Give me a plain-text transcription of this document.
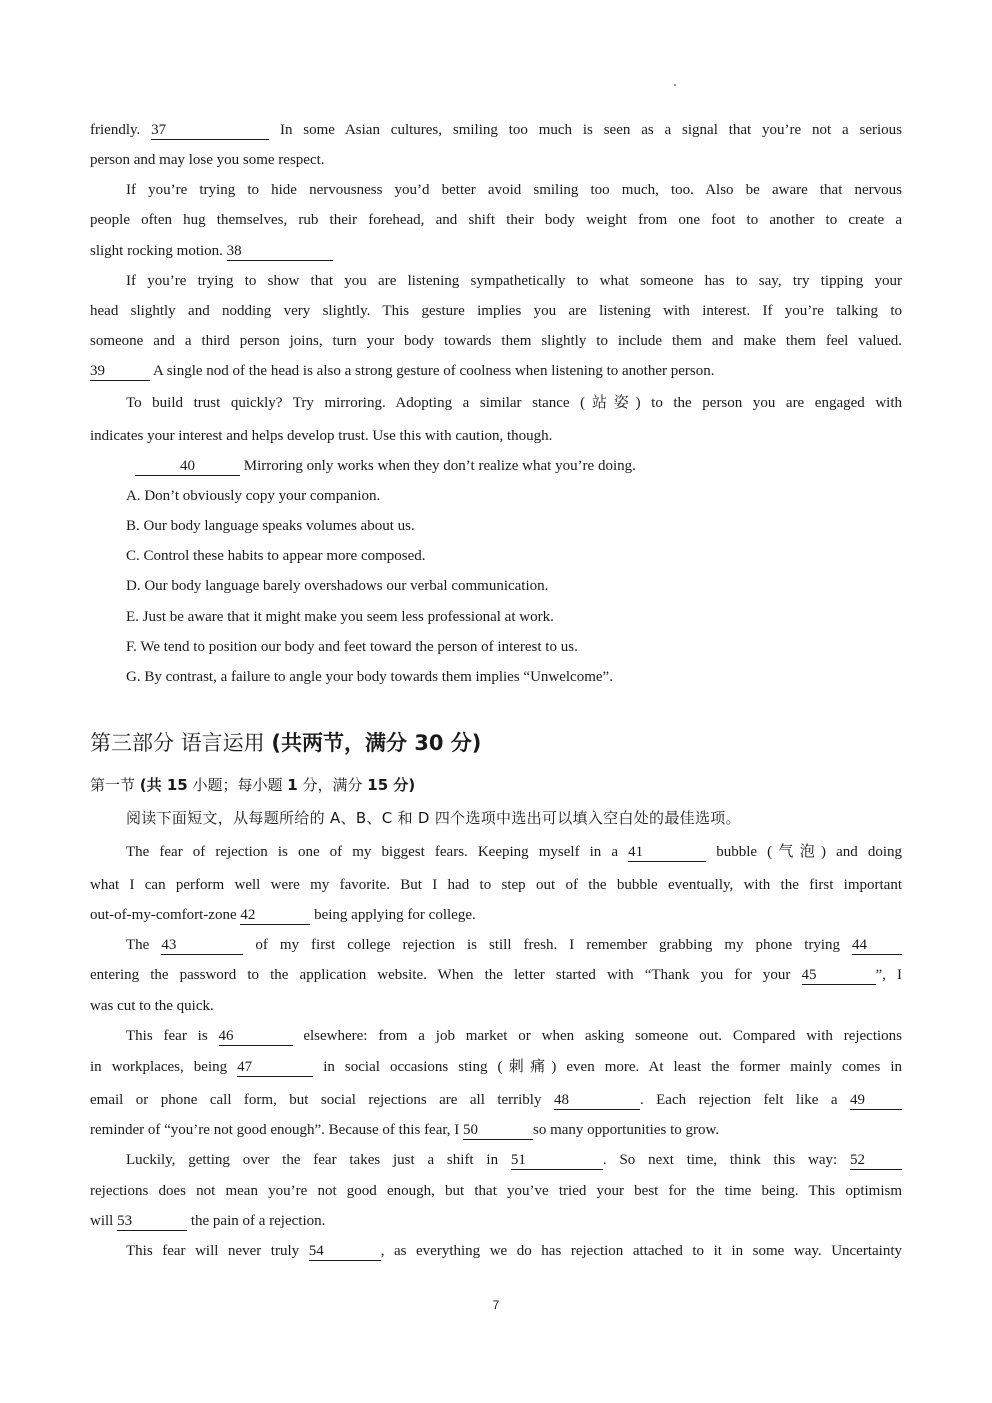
friendly. 37	In some Asian cultures, smiling too much is seen as a signal that you’re not a serious
person and may lose you some respect.
If you’re trying to hide nervousness you’d better avoid smiling too much, too. Also be aware that nervous
people often hug themselves, rub their forehead, and shift their body weight from one foot to another to create a
slight rocking motion. 38
If you’re trying to show that you are listening sympathetically to what someone has to say, try tipping your
head slightly and nodding very slightly. This gesture implies you are listening with interest. If you’re talking to
someone and a third person joins, turn your body towards them slightly to include them and make them feel valued.
39	A single nod of the head is also a strong gesture of coolness when listening to another person.
To build trust quickly? Try mirroring. Adopting a similar stance (站姿) to the person you are engaged with
indicates your interest and helps develop trust. Use this with caution, though.
40	Mirroring only works when they don’t realize what you’re doing.
A. Don’t obviously copy your companion.
B. Our body language speaks volumes about us.
C. Control these habits to appear more composed.
D. Our body language barely overshadows our verbal communication.
E. Just be aware that it might make you seem less professional at work.
F. We tend to position our body and feet toward the person of interest to us.
G. By contrast, a failure to angle your body towards them implies “Unwelcome”.
第三部分 语言运用 (共两节，满分 30 分)
第一节 (共 15 小题；每小题 1 分，满分 15 分)
阅读下面短文，从每题所给的 A、B、C 和 D 四个选项中选出可以填入空白处的最佳选项。
The fear of rejection is one of my biggest fears. Keeping myself in a 41	bubble (气泡) and doing
what I can perform well were my favorite. But I had to step out of the bubble eventually, with the first important
out-of-my-comfort-zone 42	being applying for college.
The 43	of my first college rejection is still fresh. I remember grabbing my phone trying 44
entering the password to the application website. When the letter started with “Thank you for your 45	”, I
was cut to the quick.
This fear is 46	elsewhere: from a job market or when asking someone out. Compared with rejections
in workplaces, being 47	in social occasions sting (刺痛) even more. At least the former mainly comes in
email or phone call form, but social rejections are all terribly 48	. Each rejection felt like a 49
reminder of “you’re not good enough”. Because of this fear, I 50	so many opportunities to grow.
Luckily, getting over the fear takes just a shift in 51	. So next time, think this way: 52
rejections does not mean you’re not good enough, but that you’ve tried your best for the time being. This optimism
will 53	the pain of a rejection.
This fear will never truly 54	, as everything we do has rejection attached to it in some way. Uncertainty
7
